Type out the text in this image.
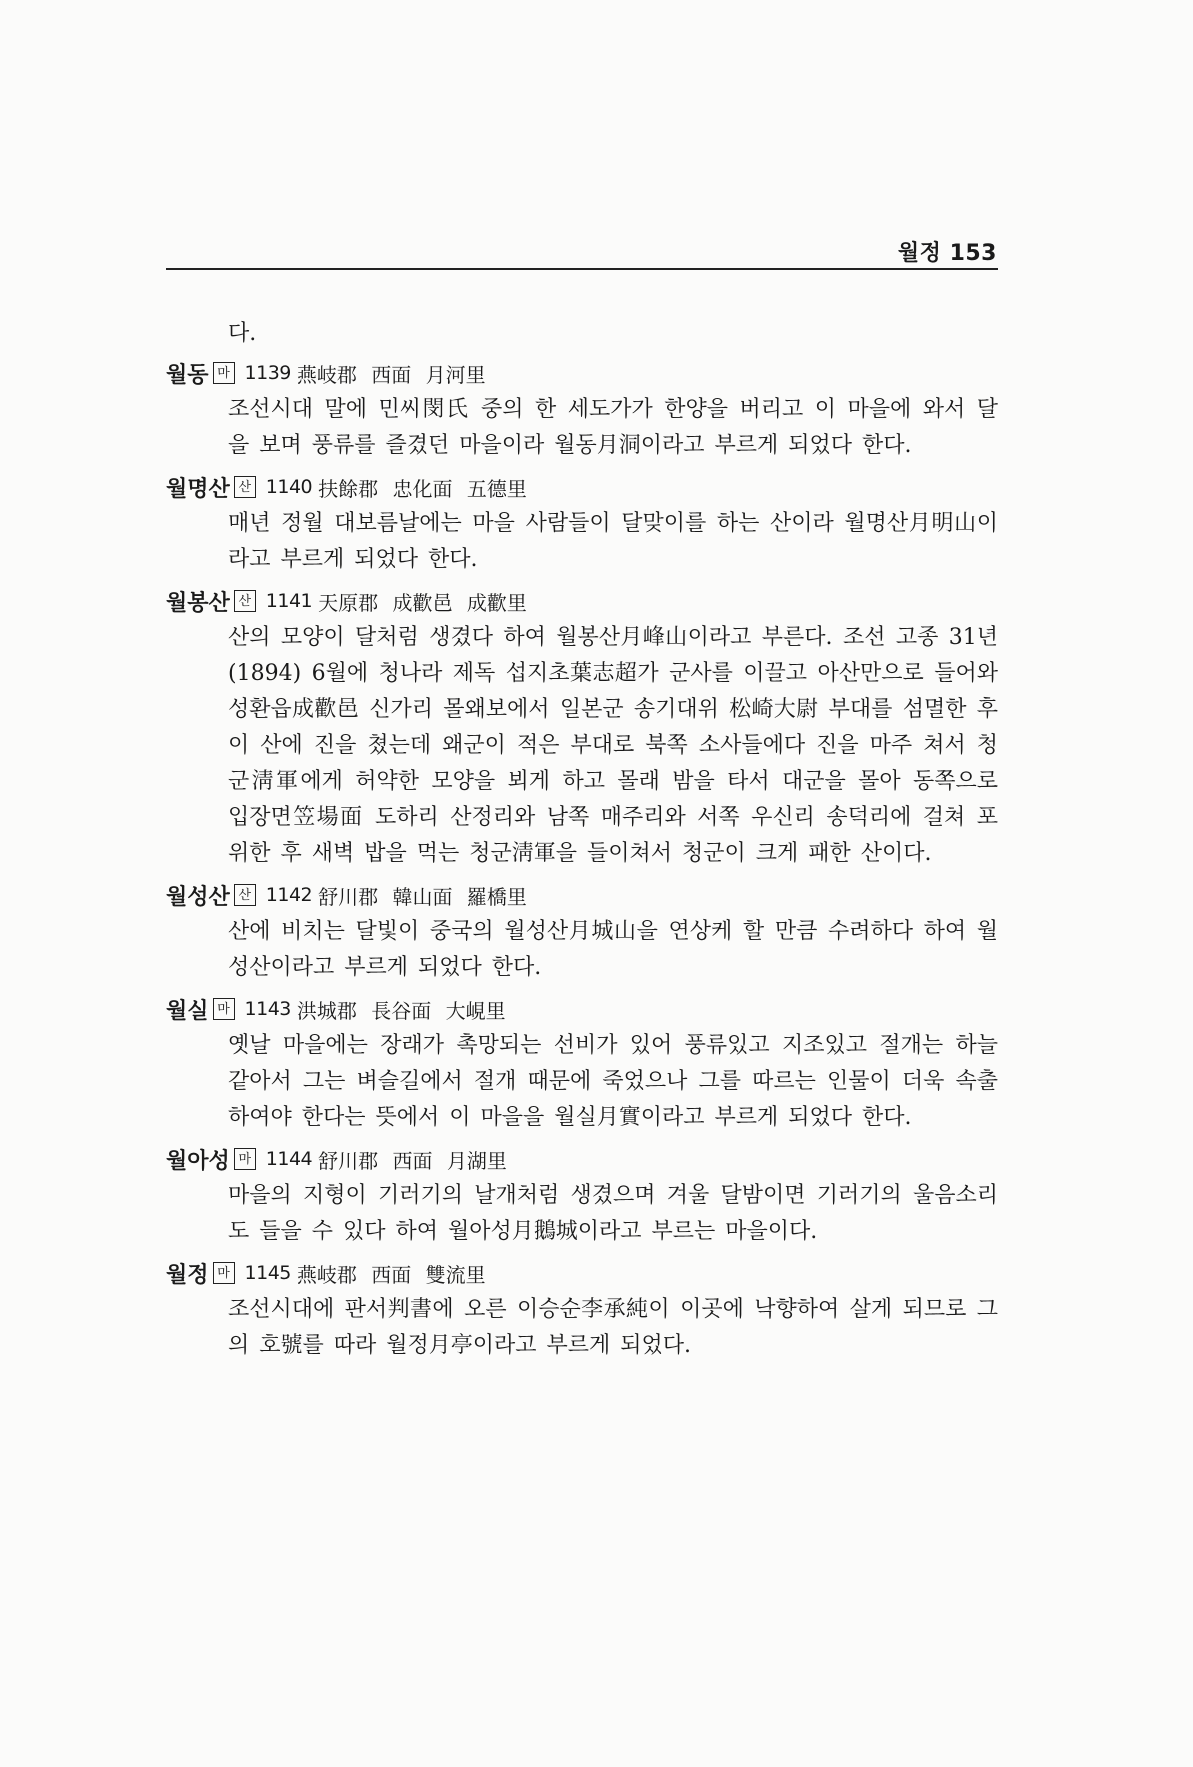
월정 153
다.
월동 마 1139 燕岐郡 西面 月河里
조선시대 말에 민씨閔氏 중의 한 세도가가 한양을 버리고 이 마을에 와서 달을 보며 풍류를 즐겼던 마을이라 월동月洞이라고 부르게 되었다 한다.
월명산 산 1140 扶餘郡 忠化面 五德里
매년 정월 대보름날에는 마을 사람들이 달맞이를 하는 산이라 월명산月明山이라고 부르게 되었다 한다.
월봉산 산 1141 天原郡 成歡邑 成歡里
산의 모양이 달처럼 생겼다 하여 월봉산月峰山이라고 부른다. 조선 고종 31년(1894) 6월에 청나라 제독 섭지초葉志超가 군사를 이끌고 아산만으로 들어와 성환읍成歡邑 신가리 몰왜보에서 일본군 송기대위 松崎大尉 부대를 섬멸한 후 이 산에 진을 쳤는데 왜군이 적은 부대로 북쪽 소사들에다 진을 마주 쳐서 청군淸軍에게 허약한 모양을 뵈게 하고 몰래 밤을 타서 대군을 몰아 동쪽으로 입장면笠場面 도하리 산정리와 남쪽 매주리와 서쪽 우신리 송덕리에 걸쳐 포위한 후 새벽 밥을 먹는 청군淸軍을 들이쳐서 청군이 크게 패한 산이다.
월성산 산 1142 舒川郡 韓山面 羅橋里
산에 비치는 달빛이 중국의 월성산月城山을 연상케 할 만큼 수려하다 하여 월성산이라고 부르게 되었다 한다.
월실 마 1143 洪城郡 長谷面 大峴里
옛날 마을에는 장래가 촉망되는 선비가 있어 풍류있고 지조있고 절개는 하늘 같아서 그는 벼슬길에서 절개 때문에 죽었으나 그를 따르는 인물이 더욱 속출하여야 한다는 뜻에서 이 마을을 월실月實이라고 부르게 되었다 한다.
월아성 마 1144 舒川郡 西面 月湖里
마을의 지형이 기러기의 날개처럼 생겼으며 겨울 달밤이면 기러기의 울음소리도 들을 수 있다 하여 월아성月鵝城이라고 부르는 마을이다.
월정 마 1145 燕岐郡 西面 雙流里
조선시대에 판서判書에 오른 이승순李承純이 이곳에 낙향하여 살게 되므로 그의 호號를 따라 월정月亭이라고 부르게 되었다.
